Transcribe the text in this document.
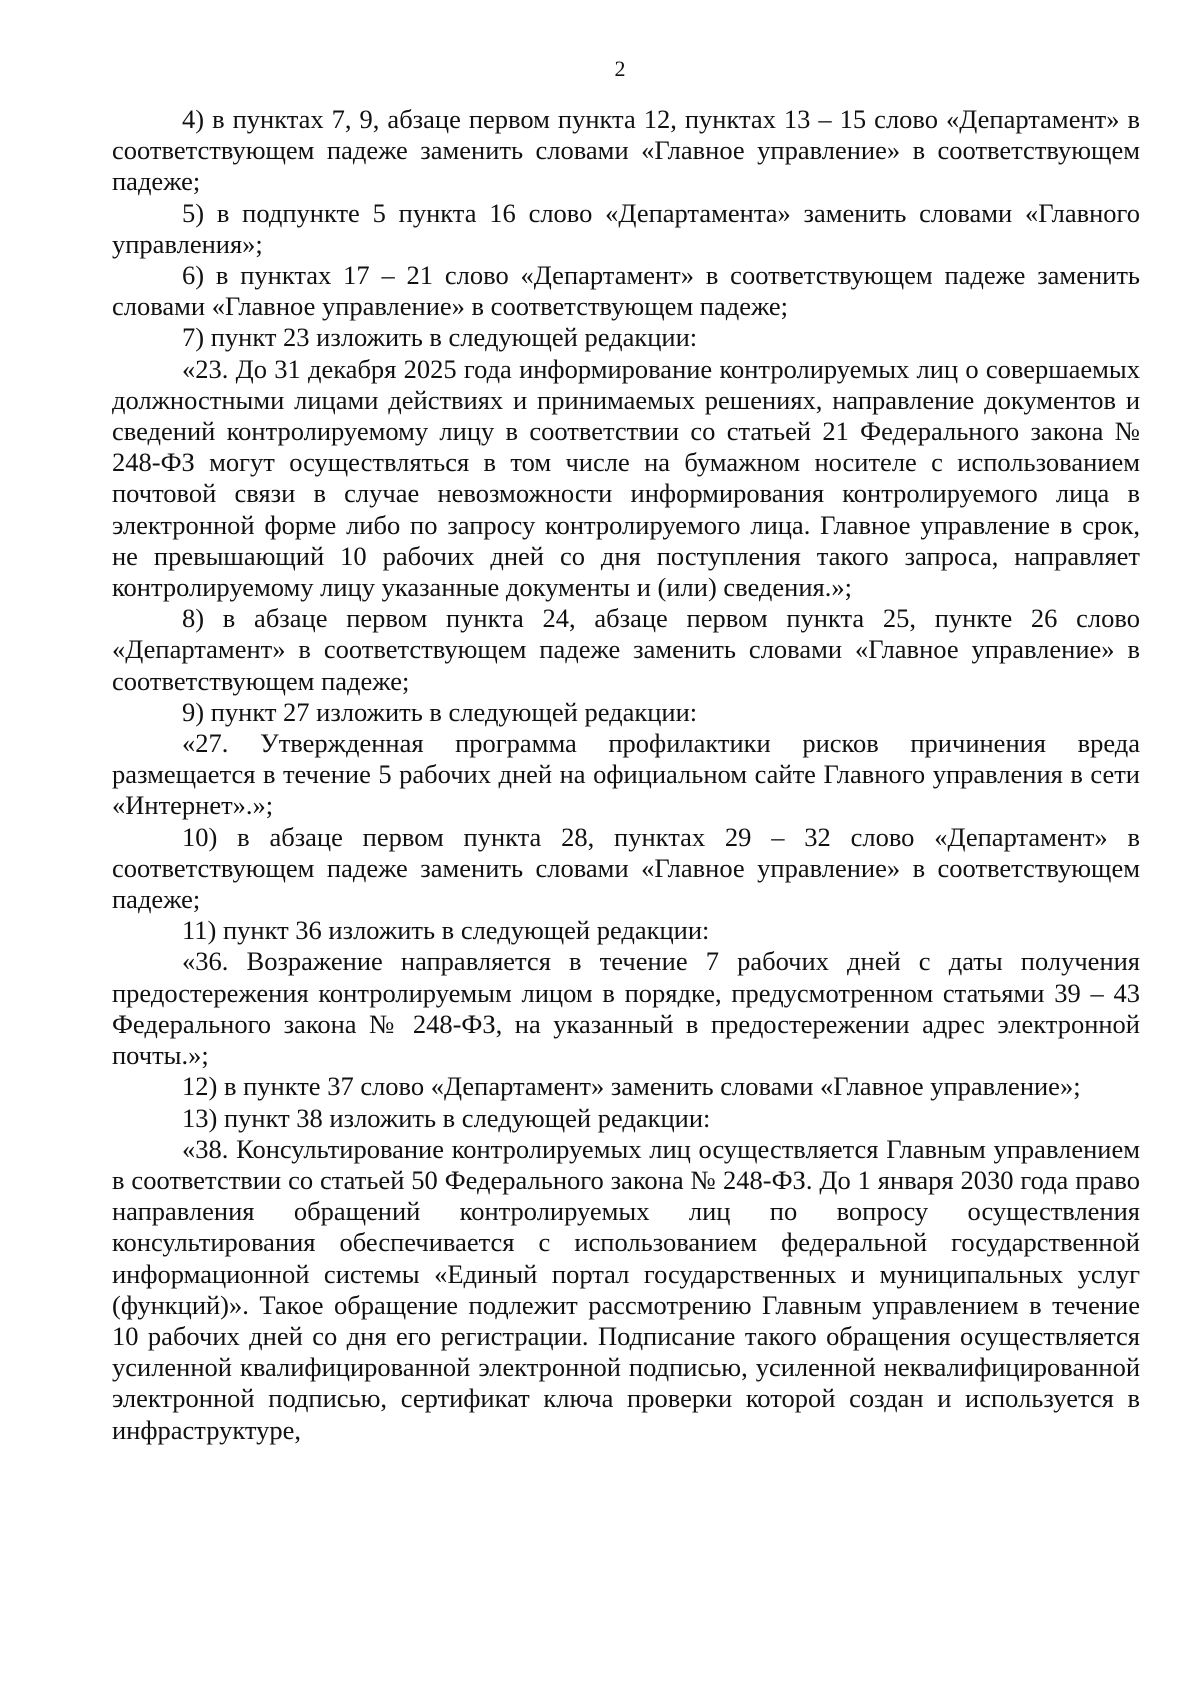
2

4) в пунктах 7, 9, абзаце первом пункта 12, пунктах 13 – 15 слово «Департамент» в соответствующем падеже заменить словами «Главное управление» в соответствующем падеже;

5) в подпункте 5 пункта 16 слово «Департамента» заменить словами «Главного управления»;

6) в пунктах 17 – 21 слово «Департамент» в соответствующем падеже заменить словами «Главное управление» в соответствующем падеже;

7) пункт 23 изложить в следующей редакции:

«23. До 31 декабря 2025 года информирование контролируемых лиц о совершаемых должностными лицами действиях и принимаемых решениях, направление документов и сведений контролируемому лицу в соответствии со статьей 21 Федерального закона № 248-ФЗ могут осуществляться в том числе на бумажном носителе с использованием почтовой связи в случае невозможности информирования контролируемого лица в электронной форме либо по запросу контролируемого лица. Главное управление в срок, не превышающий 10 рабочих дней со дня поступления такого запроса, направляет контролируемому лицу указанные документы и (или) сведения.»;

8) в абзаце первом пункта 24, абзаце первом пункта 25, пункте 26 слово «Департамент» в соответствующем падеже заменить словами «Главное управление» в соответствующем падеже;

9) пункт 27 изложить в следующей редакции:

«27. Утвержденная программа профилактики рисков причинения вреда размещается в течение 5 рабочих дней на официальном сайте Главного управления в сети «Интернет».»;

10) в абзаце первом пункта 28, пунктах 29 – 32 слово «Департамент» в соответствующем падеже заменить словами «Главное управление» в соответствующем падеже;

11) пункт 36 изложить в следующей редакции:

«36. Возражение направляется в течение 7 рабочих дней с даты получения предостережения контролируемым лицом в порядке, предусмотренном статьями 39 – 43 Федерального закона № 248-ФЗ, на указанный в предостережении адрес электронной почты.»;

12) в пункте 37 слово «Департамент» заменить словами «Главное управление»;

13) пункт 38 изложить в следующей редакции:

«38. Консультирование контролируемых лиц осуществляется Главным управлением в соответствии со статьей 50 Федерального закона № 248-ФЗ. До 1 января 2030 года право направления обращений контролируемых лиц по вопросу осуществления консультирования обеспечивается с использованием федеральной государственной информационной системы «Единый портал государственных и муниципальных услуг (функций)». Такое обращение подлежит рассмотрению Главным управлением в течение 10 рабочих дней со дня его регистрации. Подписание такого обращения осуществляется усиленной квалифицированной электронной подписью, усиленной неквалифицированной электронной подписью, сертификат ключа проверки которой создан и используется в инфраструктуре,
